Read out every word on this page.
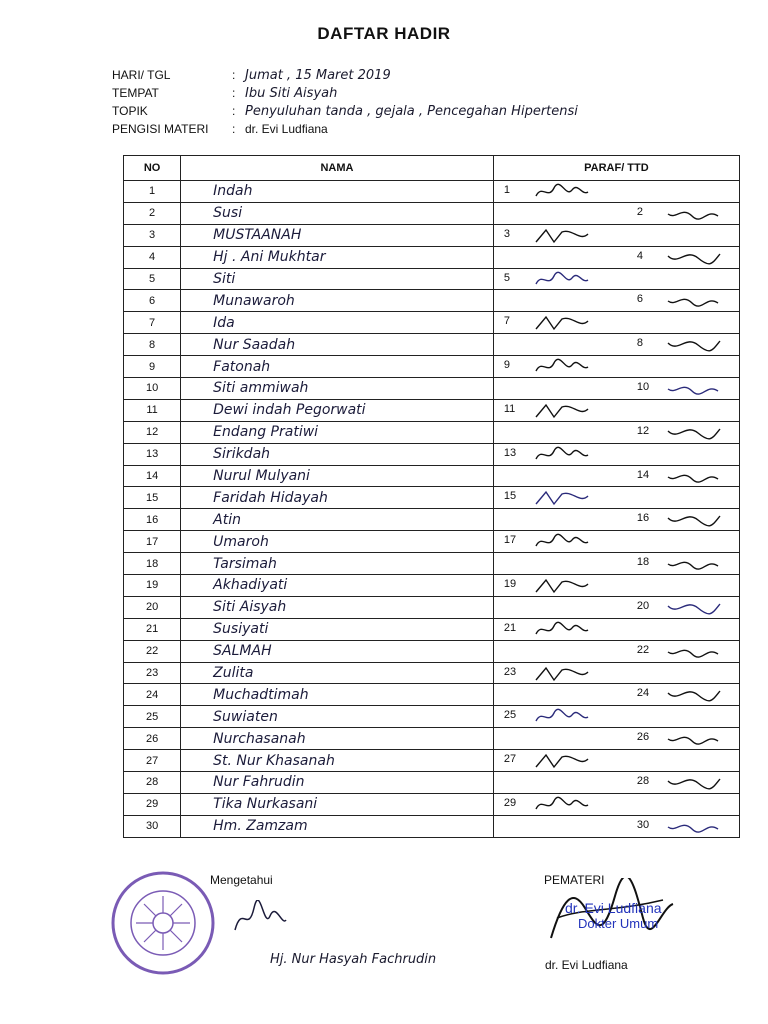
DAFTAR HADIR
HARI/ TGL	: Jumat , 15 Maret 2019
TEMPAT	: Ibu Siti Aisyah
TOPIK	: Penyuluhan tanda , gejala , Pencegahan Hipertensi
PENGISI MATERI	: dr. Evi Ludfiana
NO	NAMA	PARAF/ TTD
1	Indah	1

2	Susi	2

3	MUSTAANAH	3

4	Hj . Ani Mukhtar	4

5	Siti	5

6	Munawaroh	6

7	Ida	7

8	Nur Saadah	8

9	Fatonah	9

10	Siti ammiwah	10

11	Dewi indah Pegorwati	11

12	Endang Pratiwi	12

13	Sirikdah	13

14	Nurul Mulyani	14

15	Faridah Hidayah	15

16	Atin	16

17	Umaroh	17

18	Tarsimah	18

19	Akhadiyati	19

20	Siti Aisyah	20

21	Susiyati	21

22	SALMAH	22

23	Zulita	23

24	Muchadtimah	24

25	Suwiaten	25

26	Nurchasanah	26

27	St. Nur Khasanah	27

28	Nur Fahrudin	28

29	Tika Nurkasani	29

30	Hm. Zamzam	30
Mengetahui
Hj. Nur Hasyah Fachrudin
PEMATERI
dr. Evi Ludfiana
Dokter Umum
dr. Evi Ludfiana
